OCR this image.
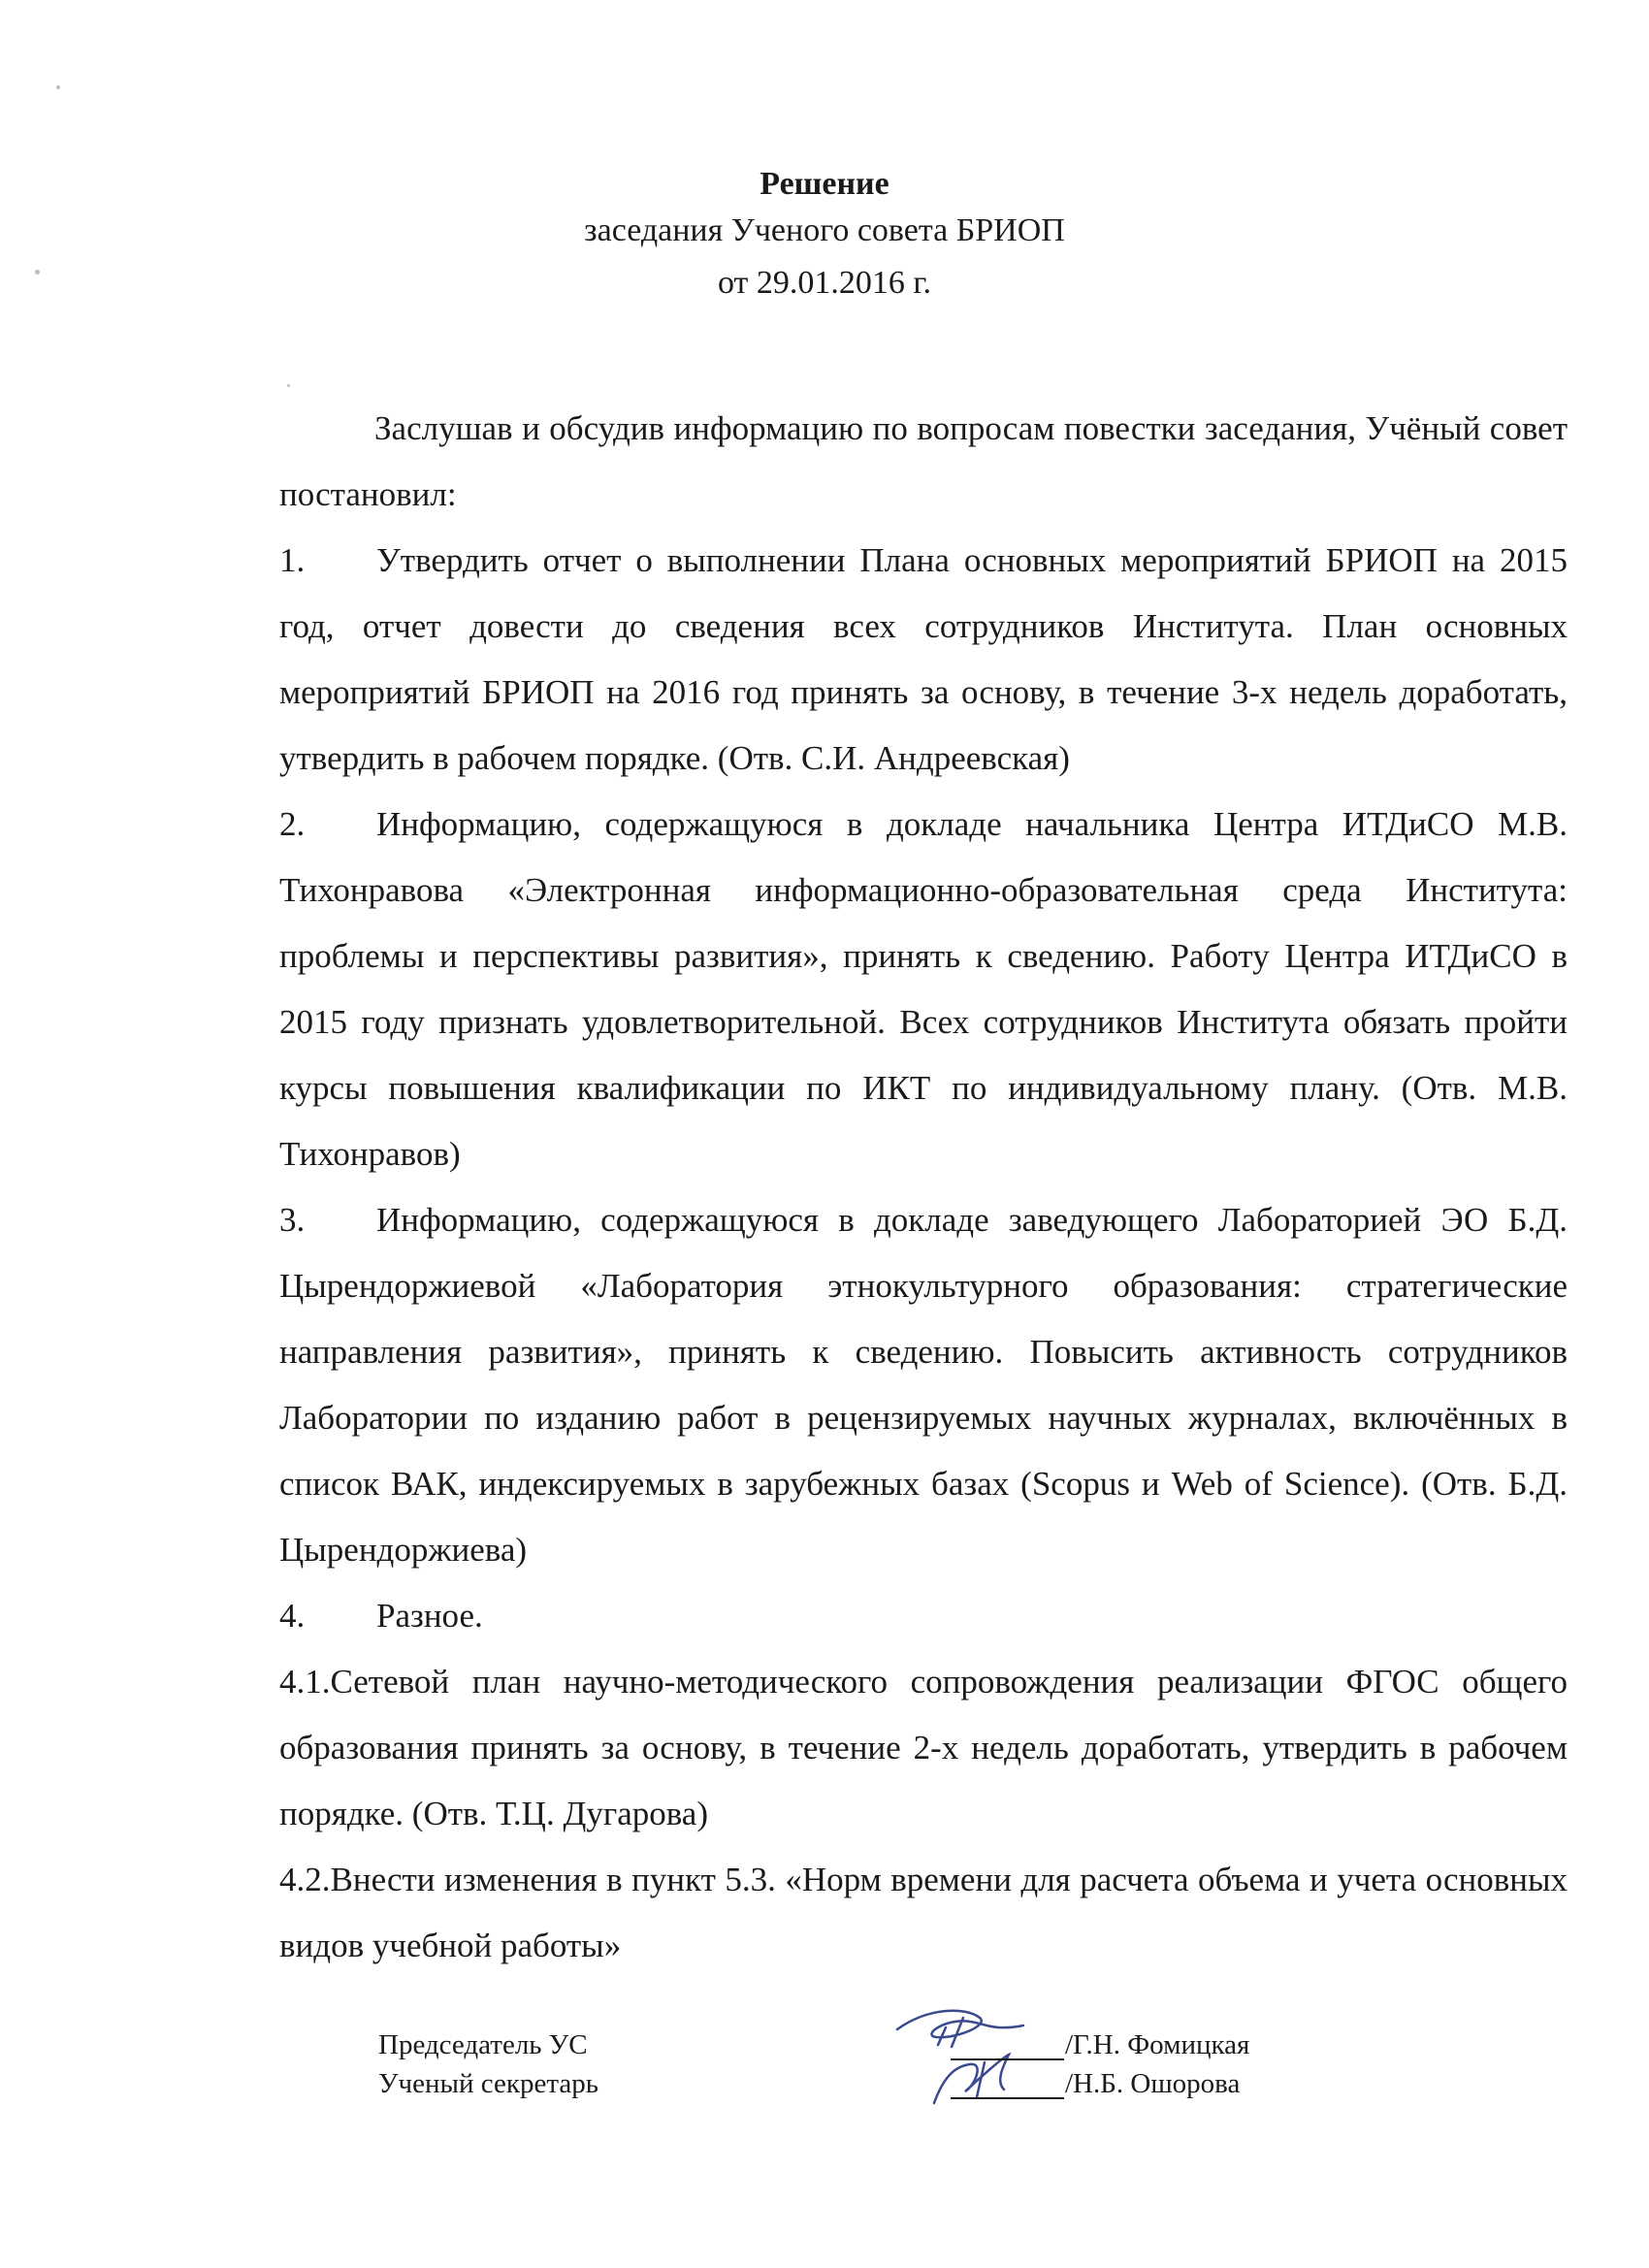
Решение
заседания Ученого совета БРИОП
от 29.01.2016 г.

Заслушав и обсудив информацию по вопросам повестки заседания, Учёный совет постановил:

1. Утвердить отчет о выполнении Плана основных мероприятий БРИОП на 2015 год, отчет довести до сведения всех сотрудников Института. План основных мероприятий БРИОП на 2016 год принять за основу, в течение 3-х недель доработать, утвердить в рабочем порядке. (Отв. С.И. Андреевская)

2. Информацию, содержащуюся в докладе начальника Центра ИТДиСО М.В. Тихонравова «Электронная информационно-образовательная среда Института: проблемы и перспективы развития», принять к сведению. Работу Центра ИТДиСО в 2015 году признать удовлетворительной. Всех сотрудников Института обязать пройти курсы повышения квалификации по ИКТ по индивидуальному плану. (Отв. М.В. Тихонравов)

3. Информацию, содержащуюся в докладе заведующего Лабораторией ЭО Б.Д. Цырендоржиевой «Лаборатория этнокультурного образования: стратегические направления развития», принять к сведению. Повысить активность сотрудников Лаборатории по изданию работ в рецензируемых научных журналах, включённых в список ВАК, индексируемых в зарубежных базах (Scopus и Web of Science). (Отв. Б.Д. Цырендоржиева)

4. Разное.

4.1.Сетевой план научно-методического сопровождения реализации ФГОС общего образования принять за основу, в течение 2-х недель доработать, утвердить в рабочем порядке. (Отв. Т.Ц. Дугарова)

4.2.Внести изменения в пункт 5.3. «Норм времени для расчета объема и учета основных видов учебной работы»

Председатель УС	/Г.Н. Фомицкая
Ученый секретарь	/Н.Б. Ошорова
